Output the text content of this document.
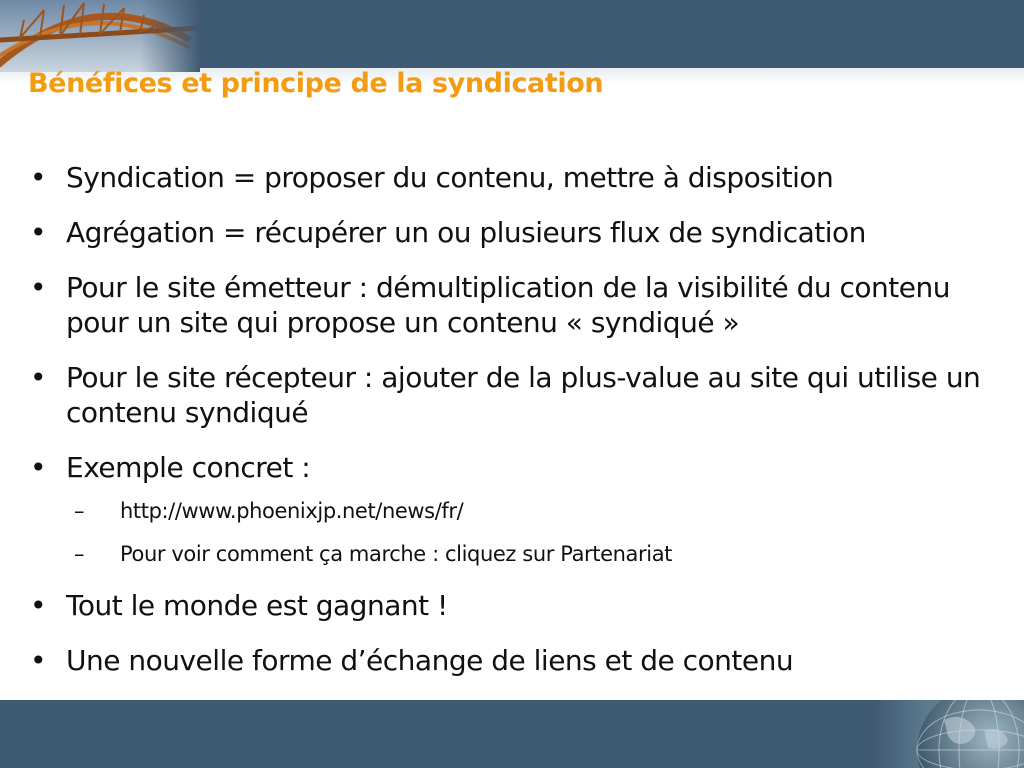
Bénéfices et principe de la syndication
• Syndication = proposer du contenu, mettre à disposition
• Agrégation = récupérer un ou plusieurs flux de syndication
• Pour le site émetteur : démultiplication de la visibilité du contenu pour un site qui propose un contenu « syndiqué »
• Pour le site récepteur : ajouter de la plus-value au site qui utilise un contenu syndiqué
• Exemple concret :
– http://www.phoenixjp.net/news/fr/
– Pour voir comment ça marche : cliquez sur Partenariat
• Tout le monde est gagnant !
• Une nouvelle forme d’échange de liens et de contenu
